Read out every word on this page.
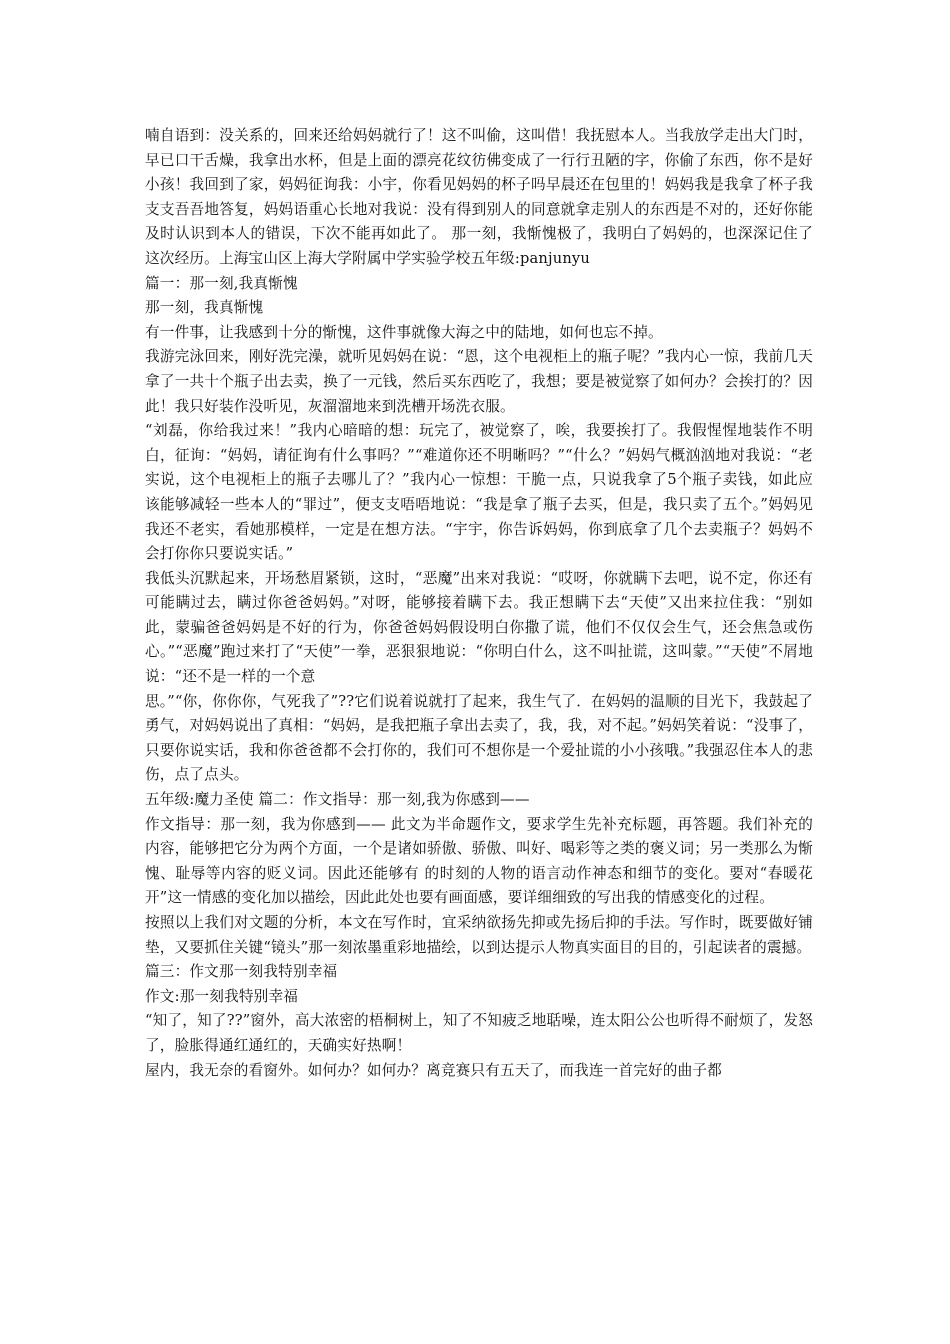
喃自语到：没关系的，回来还给妈妈就行了！这不叫偷，这叫借！我抚慰本人。当我放学走出大门时，早已口干舌燥，我拿出水杯，但是上面的漂亮花纹彷佛变成了一行行丑陋的字，你偷了东西，你不是好小孩！我回到了家，妈妈征询我：小宇，你看见妈妈的杯子吗早晨还在包里的！妈妈我是我拿了杯子我支支吾吾地答复，妈妈语重心长地对我说：没有得到别人的同意就拿走别人的东西是不对的，还好你能及时认识到本人的错误，下次不能再如此了。 那一刻，我惭愧极了，我明白了妈妈的，也深深记住了这次经历。上海宝山区上海大学附属中学实验学校五年级:panjunyu

篇一：那一刻,我真惭愧

那一刻，我真惭愧

有一件事，让我感到十分的惭愧，这件事就像大海之中的陆地，如何也忘不掉。

我游完泳回来，刚好洗完澡，就听见妈妈在说：“恩，这个电视柜上的瓶子呢？”我内心一惊，我前几天拿了一共十个瓶子出去卖，换了一元钱，然后买东西吃了，我想；要是被觉察了如何办？会挨打的？因此！我只好装作没听见，灰溜溜地来到洗槽开场洗衣服。

“刘磊，你给我过来！”我内心暗暗的想：玩完了，被觉察了，唉，我要挨打了。我假惺惺地装作不明白，征询：“妈妈，请征询有什么事吗？”“难道你还不明晰吗？”“什么？”妈妈气概汹汹地对我说：“老实说，这个电视柜上的瓶子去哪儿了？”我内心一惊想：干脆一点，只说我拿了5个瓶子卖钱，如此应该能够减轻一些本人的“罪过”，便支支唔唔地说：“我是拿了瓶子去买，但是，我只卖了五个。”妈妈见我还不老实，看她那模样，一定是在想方法。“宇宇，你告诉妈妈，你到底拿了几个去卖瓶子？妈妈不会打你你只要说实话。”

我低头沉默起来，开场愁眉紧锁，这时，“恶魔”出来对我说：“哎呀，你就瞒下去吧，说不定，你还有可能瞒过去，瞒过你爸爸妈妈。”对呀，能够接着瞒下去。我正想瞒下去“天使”又出来拉住我：“别如此，蒙骗爸爸妈妈是不好的行为，你爸爸妈妈假设明白你撒了谎，他们不仅仅会生气，还会焦急或伤心。”“恶魔”跑过来打了“天使”一拳，恶狠狠地说：“你明白什么，这不叫扯谎，这叫蒙。”“天使”不屑地说：“还不是一样的一个意

思。”“你，你你你，气死我了”??它们说着说就打了起来，我生气了．在妈妈的温顺的目光下，我鼓起了勇气，对妈妈说出了真相：“妈妈，是我把瓶子拿出去卖了，我，我，对不起。”妈妈笑着说：“没事了，只要你说实话，我和你爸爸都不会打你的，我们可不想你是一个爱扯谎的小小孩哦。”我强忍住本人的悲伤，点了点头。

五年级:魔力圣使 篇二：作文指导：那一刻,我为你感到——

作文指导：那一刻，我为你感到—— 此文为半命题作文，要求学生先补充标题，再答题。我们补充的内容，能够把它分为两个方面，一个是诸如骄傲、骄傲、叫好、喝彩等之类的褒义词；另一类那么为惭愧、耻辱等内容的贬义词。因此还能够有 的时刻的人物的语言动作神态和细节的变化。要对“春暖花开”这一情感的变化加以描绘，因此此处也要有画面感，要详细细致的写出我的情感变化的过程。

按照以上我们对文题的分析，本文在写作时，宜采纳欲扬先抑或先扬后抑的手法。写作时，既要做好铺垫，又要抓住关键“镜头”那一刻浓墨重彩地描绘，以到达提示人物真实面目的目的，引起读者的震撼。

篇三：作文那一刻我特别幸福

作文:那一刻我特别幸福

“知了，知了??”窗外，高大浓密的梧桐树上，知了不知疲乏地聒噪，连太阳公公也听得不耐烦了，发怒了，脸胀得通红通红的，天确实好热啊！

屋内，我无奈的看窗外。如何办？如何办？离竞赛只有五天了，而我连一首完好的曲子都
